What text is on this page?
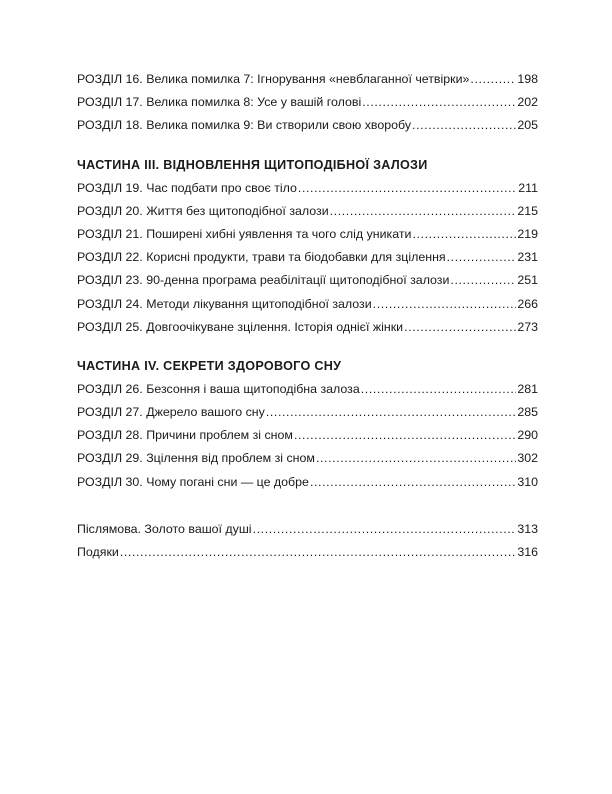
РОЗДІЛ 16. Велика помилка 7: Ігнорування «невблаганної четвірки» .....	198
РОЗДІЛ 17. Велика помилка 8: Усе у вашій голові .....	202
РОЗДІЛ 18. Велика помилка 9: Ви створили свою хворобу .....	205
ЧАСТИНА III. ВІДНОВЛЕННЯ ЩИТОПОДІБНОЇ ЗАЛОЗИ
РОЗДІЛ 19. Час подбати про своє тіло .....	211
РОЗДІЛ 20. Життя без щитоподібної залози .....	215
РОЗДІЛ 21. Поширені хибні уявлення та чого слід уникати .....	219
РОЗДІЛ 22. Корисні продукти, трави та біодобавки для зцілення .....	231
РОЗДІЛ 23. 90-денна програма реабілітації щитоподібної залози .....	251
РОЗДІЛ 24. Методи лікування щитоподібної залози .....	266
РОЗДІЛ 25. Довгоочікуване зцілення. Історія однієї жінки .....	273
ЧАСТИНА IV. СЕКРЕТИ ЗДОРОВОГО СНУ
РОЗДІЛ 26. Безсоння і ваша щитоподібна залоза .....	281
РОЗДІЛ 27. Джерело вашого сну .....	285
РОЗДІЛ 28. Причини проблем зі сном .....	290
РОЗДІЛ 29. Зцілення від проблем зі сном .....	302
РОЗДІЛ 30. Чому погані сни — це добре .....	310
Післямова. Золото вашої душі .....	313
Подяки .....	316
